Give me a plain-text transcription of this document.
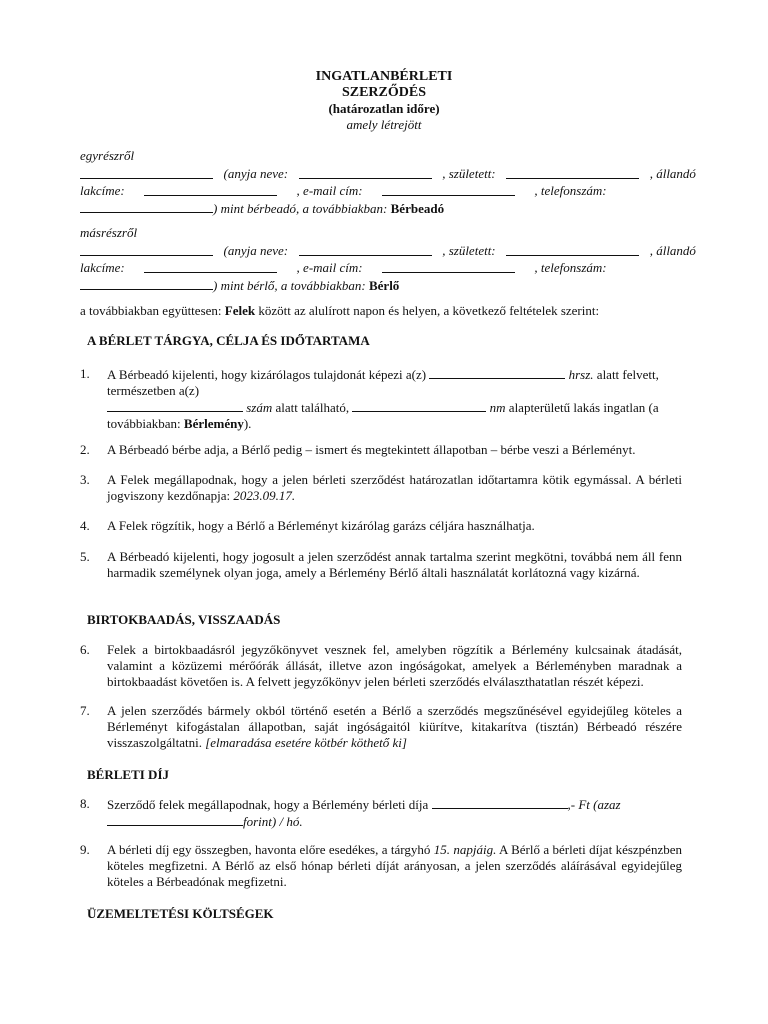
INGATLANBÉRLETI
SZERZŐDÉS
(határozatlan időre)
amely létrejött
egyrészről
(anyja neve:	, született:	, állandó
lakcíme:	, e-mail cím:	, telefonszám:
) mint bérbeadó, a továbbiakban: Bérbeadó
másrészről
(anyja neve:	, született:	, állandó
lakcíme:	, e-mail cím:	, telefonszám:
) mint bérlő, a továbbiakban: Bérlő
a továbbiakban együttesen: Felek között az alulírott napon és helyen, a következő feltételek szerint:
A BÉRLET TÁRGYA, CÉLJA ÉS IDŐTARTAMA
1.	A Bérbeadó kijelenti, hogy kizárólagos tulajdonát képezi a(z)	hrsz. alatt felvett,
természetben a(z)
szám alatt található,	nm alapterületű lakás ingatlan (a
továbbiakban: Bérlemény).
2.	A Bérbeadó bérbe adja, a Bérlő pedig – ismert és megtekintett állapotban – bérbe veszi a Bérleményt.
3.	A Felek megállapodnak, hogy a jelen bérleti szerződést határozatlan időtartamra kötik egymással. A bérleti jogviszony kezdőnapja: 2023.09.17.
4.	A Felek rögzítik, hogy a Bérlő a Bérleményt kizárólag garázs céljára használhatja.
5.	A Bérbeadó kijelenti, hogy jogosult a jelen szerződést annak tartalma szerint megkötni, továbbá nem áll fenn harmadik személynek olyan joga, amely a Bérlemény Bérlő általi használatát korlátozná vagy kizárná.
BIRTOKBAADÁS, VISSZAADÁS
6.	Felek a birtokbaadásról jegyzőkönyvet vesznek fel, amelyben rögzítik a Bérlemény kulcsainak átadását, valamint a közüzemi mérőórák állását, illetve azon ingóságokat, amelyek a Bérleményben maradnak a birtokbaadást követően is. A felvett jegyzőkönyv jelen bérleti szerződés elválaszthatatlan részét képezi.
7.	A jelen szerződés bármely okból történő esetén a Bérlő a szerződés megszűnésével egyidejűleg köteles a Bérleményt kifogástalan állapotban, saját ingóságaitól kiürítve, kitakarítva (tisztán) Bérbeadó részére visszaszolgáltatni. [elmaradása esetére kötbér köthető ki]
BÉRLETI DÍJ
8.	Szerződő felek megállapodnak, hogy a Bérlemény bérleti díja	,- Ft (azaz
forint) / hó.
9.	A bérleti díj egy összegben, havonta előre esedékes, a tárgyhó 15. napjáig. A Bérlő a bérleti díjat készpénzben köteles megfizetni. A Bérlő az első hónap bérleti díját arányosan, a jelen szerződés aláírásával egyidejűleg köteles a Bérbeadónak megfizetni.
ÜZEMELTETÉSI KÖLTSÉGEK
